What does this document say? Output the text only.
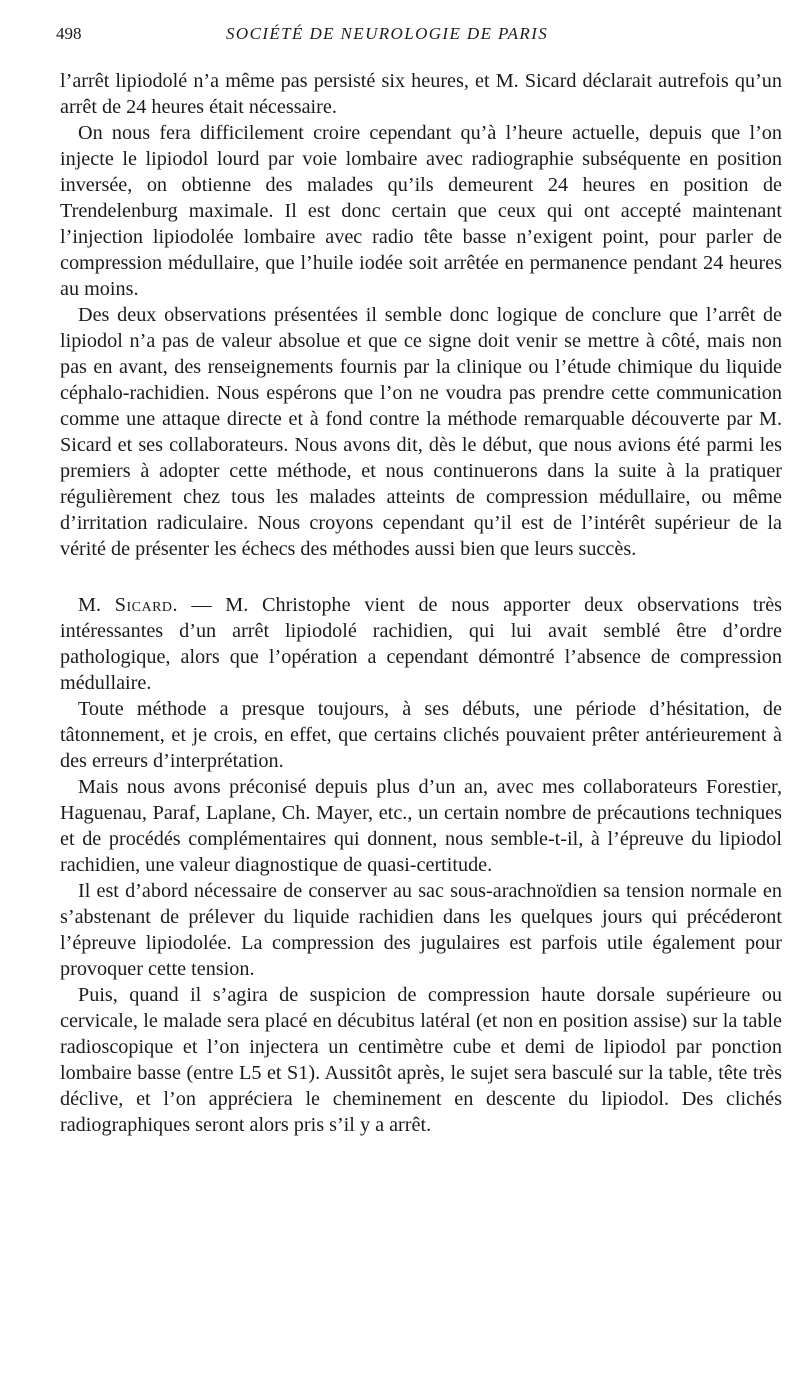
498	SOCIÉTÉ DE NEUROLOGIE DE PARIS

l’arrêt lipiodolé n’a même pas persisté six heures, et M. Sicard déclarait autrefois qu’un arrêt de 24 heures était nécessaire.

On nous fera difficilement croire cependant qu’à l’heure actuelle, depuis que l’on injecte le lipiodol lourd par voie lombaire avec radiographie subséquente en position inversée, on obtienne des malades qu’ils demeurent 24 heures en position de Trendelenburg maximale. Il est donc certain que ceux qui ont accepté maintenant l’injection lipiodolée lombaire avec radio tête basse n’exigent point, pour parler de compression médullaire, que l’huile iodée soit arrêtée en permanence pendant 24 heures au moins.

Des deux observations présentées il semble donc logique de conclure que l’arrêt de lipiodol n’a pas de valeur absolue et que ce signe doit venir se mettre à côté, mais non pas en avant, des renseignements fournis par la clinique ou l’étude chimique du liquide céphalo-rachidien. Nous espérons que l’on ne voudra pas prendre cette communication comme une attaque directe et à fond contre la méthode remarquable découverte par M. Sicard et ses collaborateurs. Nous avons dit, dès le début, que nous avions été parmi les premiers à adopter cette méthode, et nous continuerons dans la suite à la pratiquer régulièrement chez tous les malades atteints de compression médullaire, ou même d’irritation radiculaire. Nous croyons cependant qu’il est de l’intérêt supérieur de la vérité de présenter les échecs des méthodes aussi bien que leurs succès.

M. Sicard. — M. Christophe vient de nous apporter deux observations très intéressantes d’un arrêt lipiodolé rachidien, qui lui avait semblé être d’ordre pathologique, alors que l’opération a cependant démontré l’absence de compression médullaire.

Toute méthode a presque toujours, à ses débuts, une période d’hésitation, de tâtonnement, et je crois, en effet, que certains clichés pouvaient prêter antérieurement à des erreurs d’interprétation.

Mais nous avons préconisé depuis plus d’un an, avec mes collaborateurs Forestier, Haguenau, Paraf, Laplane, Ch. Mayer, etc., un certain nombre de précautions techniques et de procédés complémentaires qui donnent, nous semble-t-il, à l’épreuve du lipiodol rachidien, une valeur diagnostique de quasi-certitude.

Il est d’abord nécessaire de conserver au sac sous-arachnoïdien sa tension normale en s’abstenant de prélever du liquide rachidien dans les quelques jours qui précéderont l’épreuve lipiodolée. La compression des jugulaires est parfois utile également pour provoquer cette tension.

Puis, quand il s’agira de suspicion de compression haute dorsale supérieure ou cervicale, le malade sera placé en décubitus latéral (et non en position assise) sur la table radioscopique et l’on injectera un centimètre cube et demi de lipiodol par ponction lombaire basse (entre L5 et S1). Aussitôt après, le sujet sera basculé sur la table, tête très déclive, et l’on appréciera le cheminement en descente du lipiodol. Des clichés radiographiques seront alors pris s’il y a arrêt.
